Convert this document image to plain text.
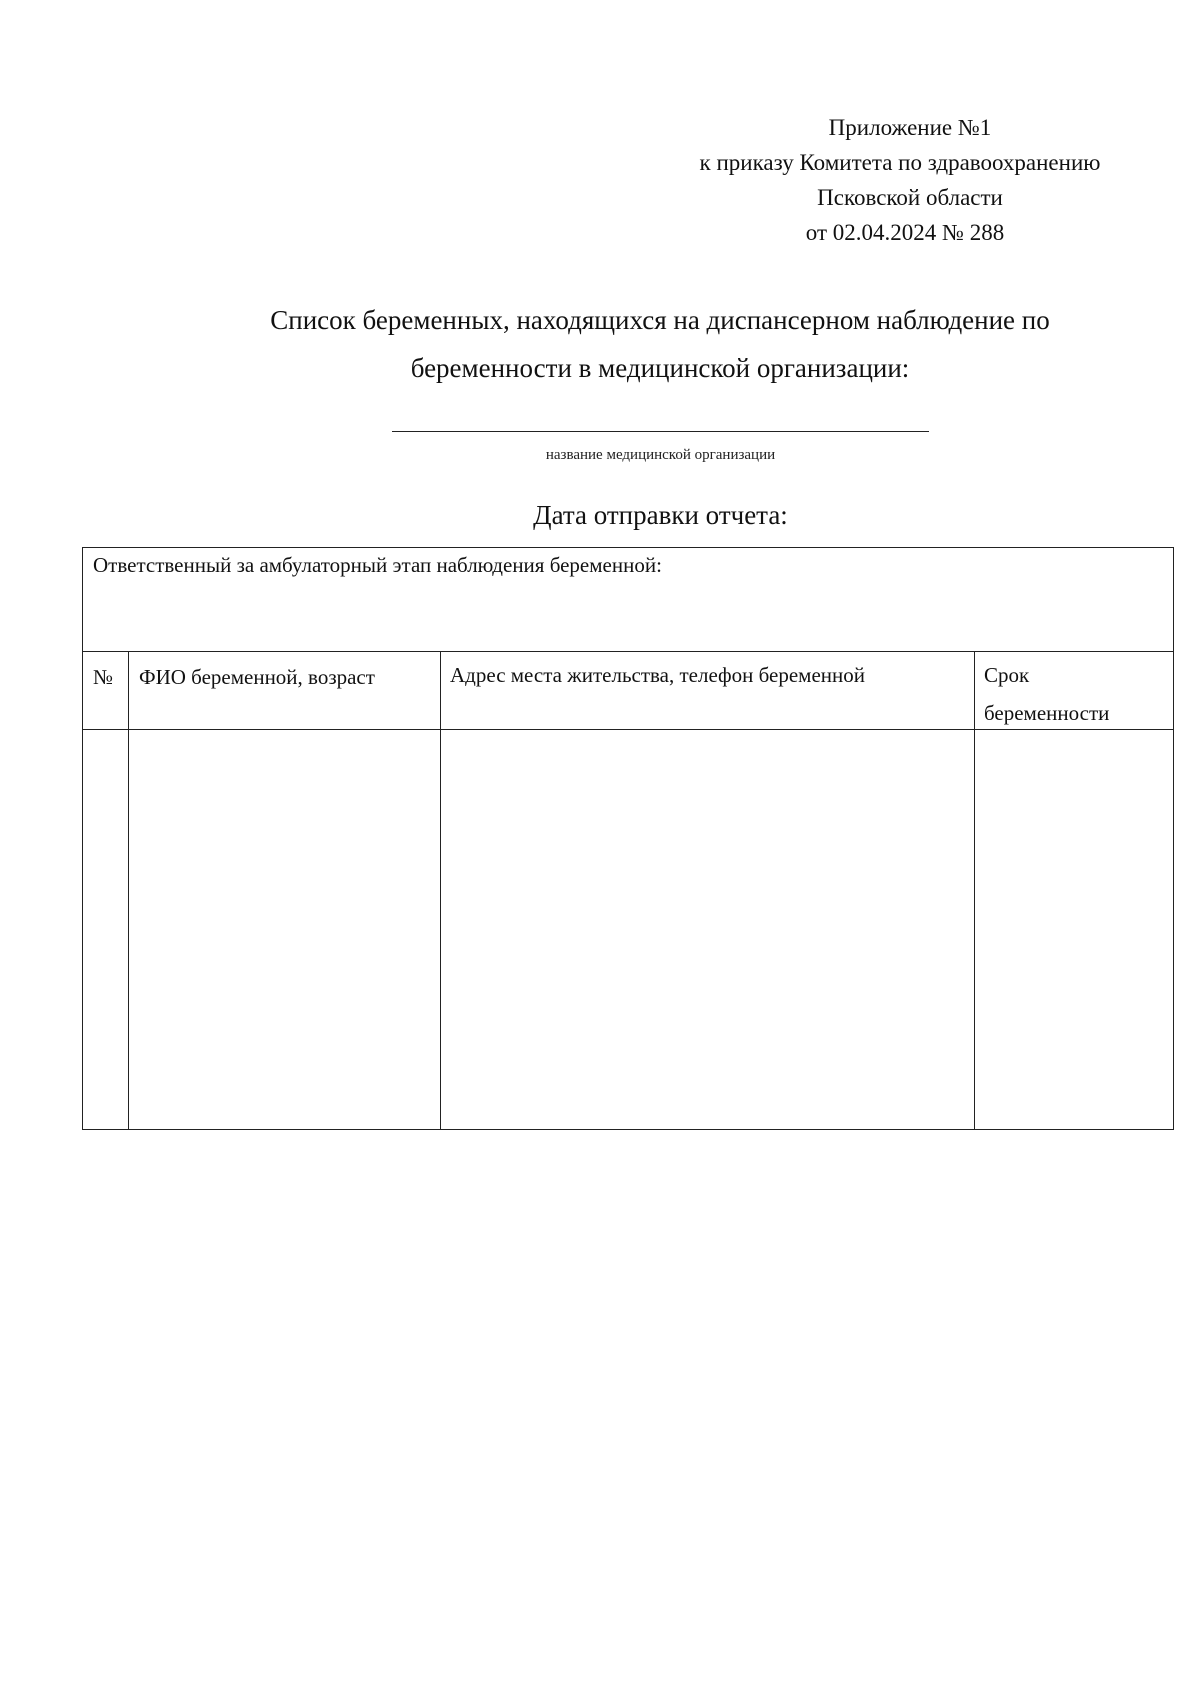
Приложение №1
к приказу Комитета по здравоохранению
Псковской области
от 02.04.2024 № 288
Список беременных, находящихся на диспансерном наблюдение по
беременности в медицинской организации:
название медицинской организации
Дата отправки отчета:
Ответственный за амбулаторный этап наблюдения беременной:
№ ФИО беременной, возраст	Адрес места жительства, телефон беременной	Срок
беременности
